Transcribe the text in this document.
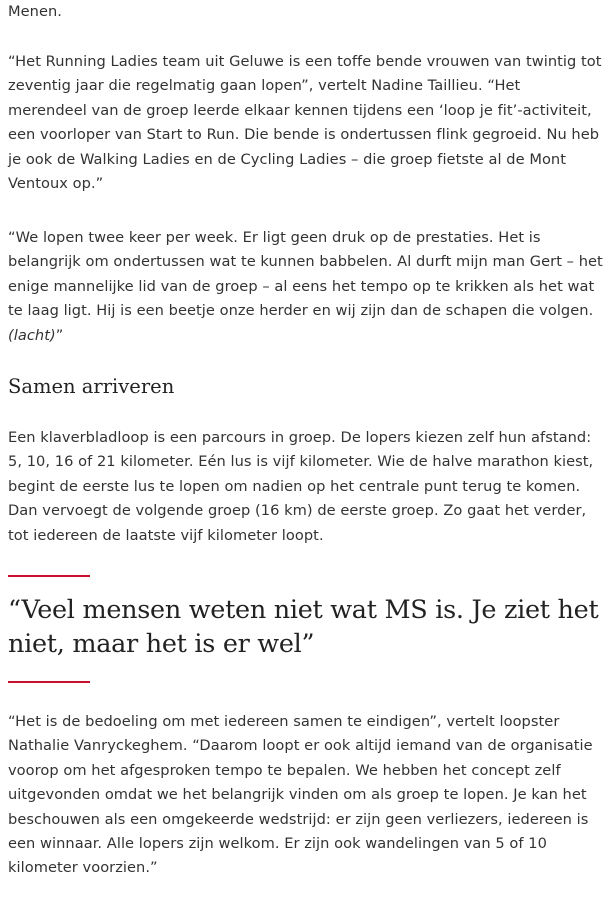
Menen.

“Het Running Ladies team uit Geluwe is een toffe bende vrouwen van twintig tot zeventig jaar die regelmatig gaan lopen”, vertelt Nadine Taillieu. “Het merendeel van de groep leerde elkaar kennen tijdens een ‘loop je fit’-activiteit, een voorloper van Start to Run. Die bende is ondertussen flink gegroeid. Nu heb je ook de Walking Ladies en de Cycling Ladies – die groep fietste al de Mont Ventoux op.”

“We lopen twee keer per week. Er ligt geen druk op de prestaties. Het is belangrijk om ondertussen wat te kunnen babbelen. Al durft mijn man Gert – het enige mannelijke lid van de groep – al eens het tempo op te krikken als het wat te laag ligt. Hij is een beetje onze herder en wij zijn dan de schapen die volgen. (lacht)”

Samen arriveren

Een klaverbladloop is een parcours in groep. De lopers kiezen zelf hun afstand: 5, 10, 16 of 21 kilometer. Eén lus is vijf kilometer. Wie de halve marathon kiest, begint de eerste lus te lopen om nadien op het centrale punt terug te komen. Dan vervoegt de volgende groep (16 km) de eerste groep. Zo gaat het verder, tot iedereen de laatste vijf kilometer loopt.

“Veel mensen weten niet wat MS is. Je ziet het niet, maar het is er wel”

“Het is de bedoeling om met iedereen samen te eindigen”, vertelt loopster Nathalie Vanryckeghem. “Daarom loopt er ook altijd iemand van de organisatie voorop om het afgesproken tempo te bepalen. We hebben het concept zelf uitgevonden omdat we het belangrijk vinden om als groep te lopen. Je kan het beschouwen als een omgekeerde wedstrijd: er zijn geen verliezers, iedereen is een winnaar. Alle lopers zijn welkom. Er zijn ook wandelingen van 5 of 10 kilometer voorzien.”
